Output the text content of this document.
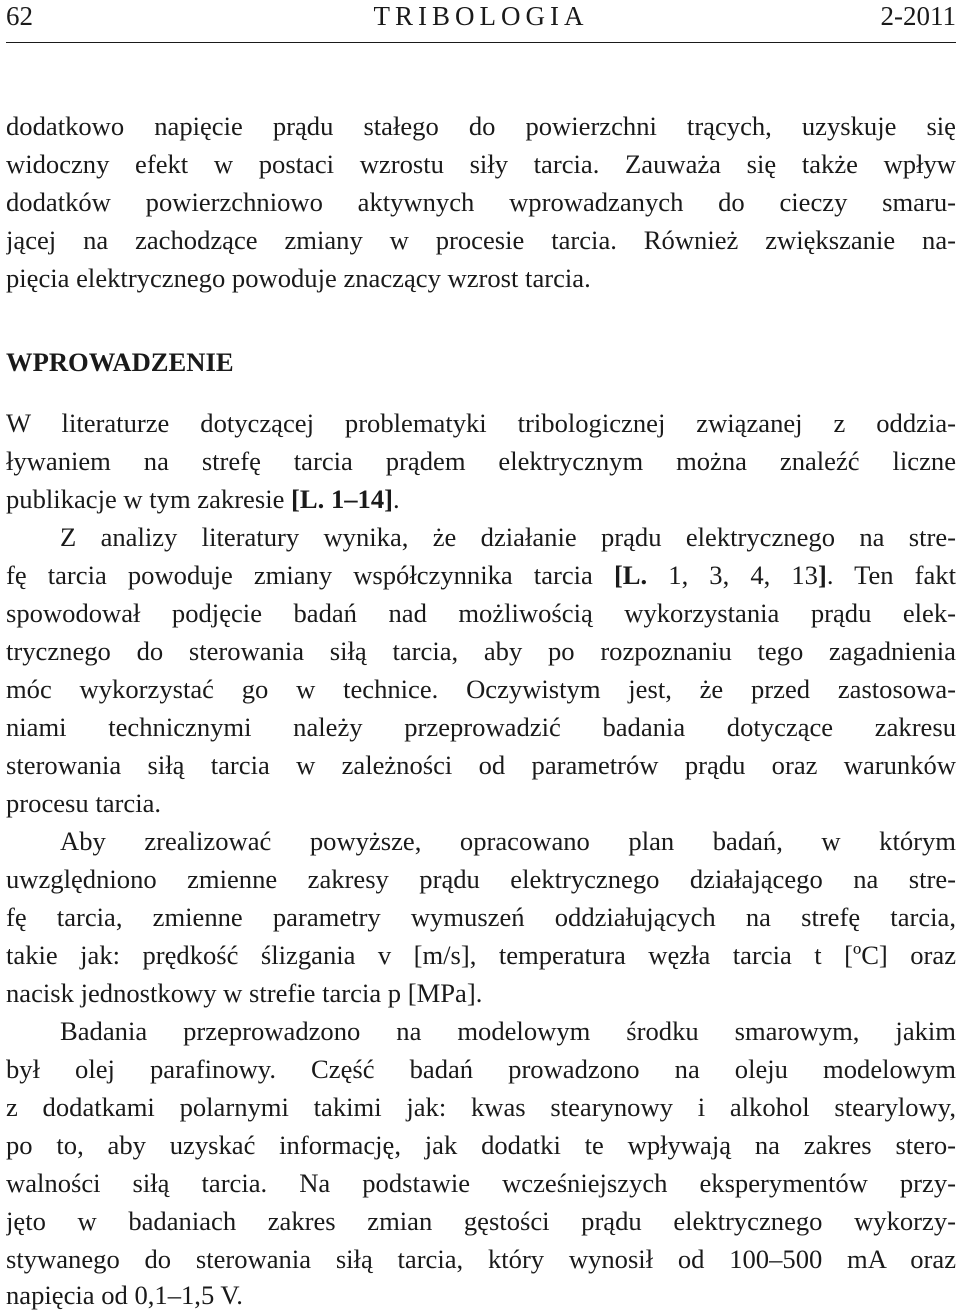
62	TRIBOLOGIA	2-2011
dodatkowo napięcie prądu stałego do powierzchni trących, uzyskuje się
widoczny efekt w postaci wzrostu siły tarcia. Zauważa się także wpływ
dodatków powierzchniowo aktywnych wprowadzanych do cieczy smaru-
jącej na zachodzące zmiany w procesie tarcia. Również zwiększanie na-
pięcia elektrycznego powoduje znaczący wzrost tarcia.
WPROWADZENIE
W literaturze dotyczącej problematyki tribologicznej związanej z oddzia-
ływaniem na strefę tarcia prądem elektrycznym można znaleźć liczne
publikacje w tym zakresie [L. 1–14].
Z analizy literatury wynika, że działanie prądu elektrycznego na stre-
fę tarcia powoduje zmiany współczynnika tarcia [L. 1, 3, 4, 13]. Ten fakt
spowodował podjęcie badań nad możliwością wykorzystania prądu elek-
trycznego do sterowania siłą tarcia, aby po rozpoznaniu tego zagadnienia
móc wykorzystać go w technice. Oczywistym jest, że przed zastosowa-
niami technicznymi należy przeprowadzić badania dotyczące zakresu
sterowania siłą tarcia w zależności od parametrów prądu oraz warunków
procesu tarcia.
Aby zrealizować powyższe, opracowano plan badań, w którym
uwzględniono zmienne zakresy prądu elektrycznego działającego na stre-
fę tarcia, zmienne parametry wymuszeń oddziałujących na strefę tarcia,
takie jak: prędkość ślizgania v [m/s], temperatura węzła tarcia t [ºC] oraz
nacisk jednostkowy w strefie tarcia p [MPa].
Badania przeprowadzono na modelowym środku smarowym, jakim
był olej parafinowy. Część badań prowadzono na oleju modelowym
z dodatkami polarnymi takimi jak: kwas stearynowy i alkohol stearylowy,
po to, aby uzyskać informację, jak dodatki te wpływają na zakres stero-
walności siłą tarcia. Na podstawie wcześniejszych eksperymentów przy-
jęto w badaniach zakres zmian gęstości prądu elektrycznego wykorzy-
stywanego do sterowania siłą tarcia, który wynosił od 100–500 mA oraz
napięcia od 0,1–1,5 V.
